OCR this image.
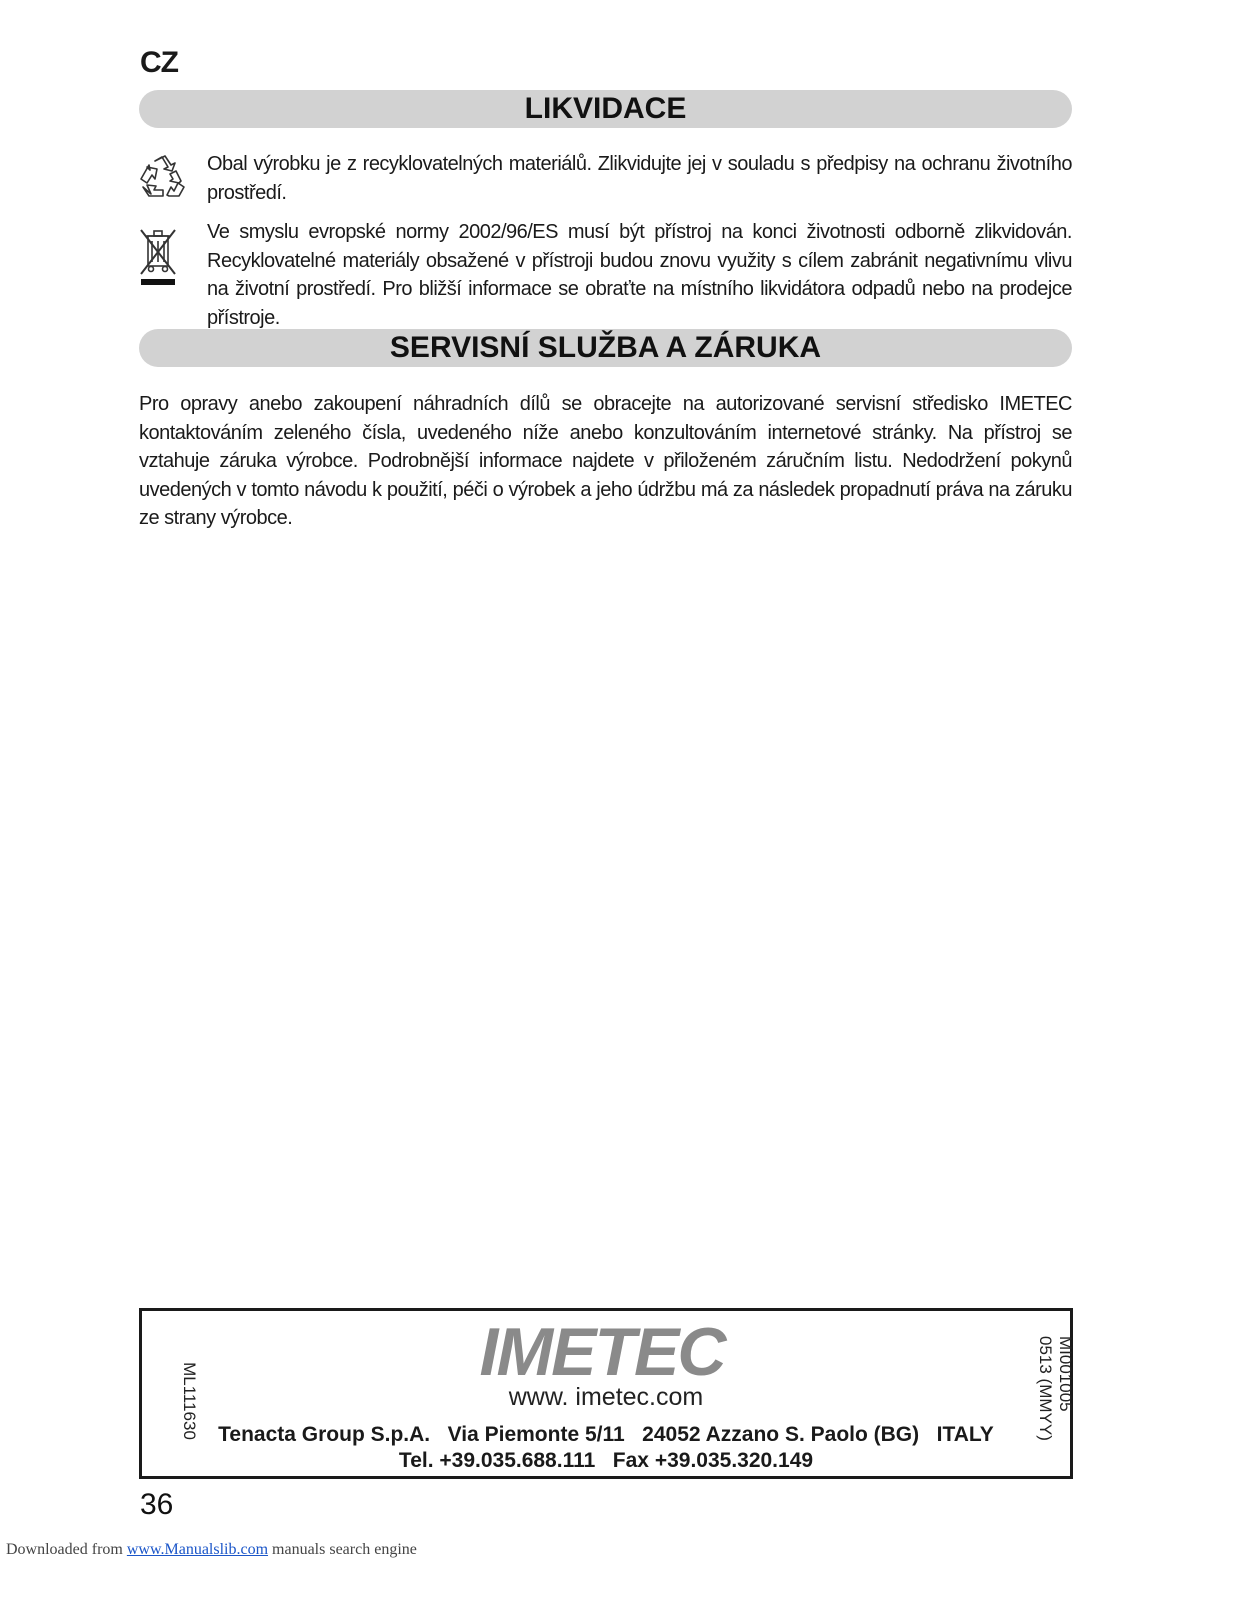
CZ
LIKVIDACE
Obal výrobku je z recyklovatelných materiálů. Zlikvidujte jej v souladu s předpisy na ochranu životního prostředí.
Ve smyslu evropské normy 2002/96/ES musí být přístroj na konci životnosti odborně zlikvidován. Recyklovatelné materiály obsažené v přístroji budou znovu využity s cílem zabránit negativnímu vlivu na životní prostředí. Pro bližší informace se obraťte na místního likvidátora odpadů nebo na prodejce přístroje.
SERVISNÍ SLUŽBA A ZÁRUKA
Pro opravy anebo zakoupení náhradních dílů se obracejte na autorizované servisní středisko IMETEC kontaktováním zeleného čísla, uvedeného níže anebo konzultováním internetové stránky. Na přístroj se vztahuje záruka výrobce. Podrobnější informace najdete v přiloženém záručním listu. Nedodržení pokynů uvedených v tomto návodu k použití, péči o výrobek a jeho údržbu má za následek propadnutí práva na záruku ze strany výrobce.
ML111630
IMETEC
www. imetec.com
Tenacta Group S.p.A.   Via Piemonte 5/11   24052 Azzano S. Paolo (BG)   ITALY
Tel. +39.035.688.111   Fax +39.035.320.149
MI001005
0513 (MMYY)
36
Downloaded from www.Manualslib.com manuals search engine
